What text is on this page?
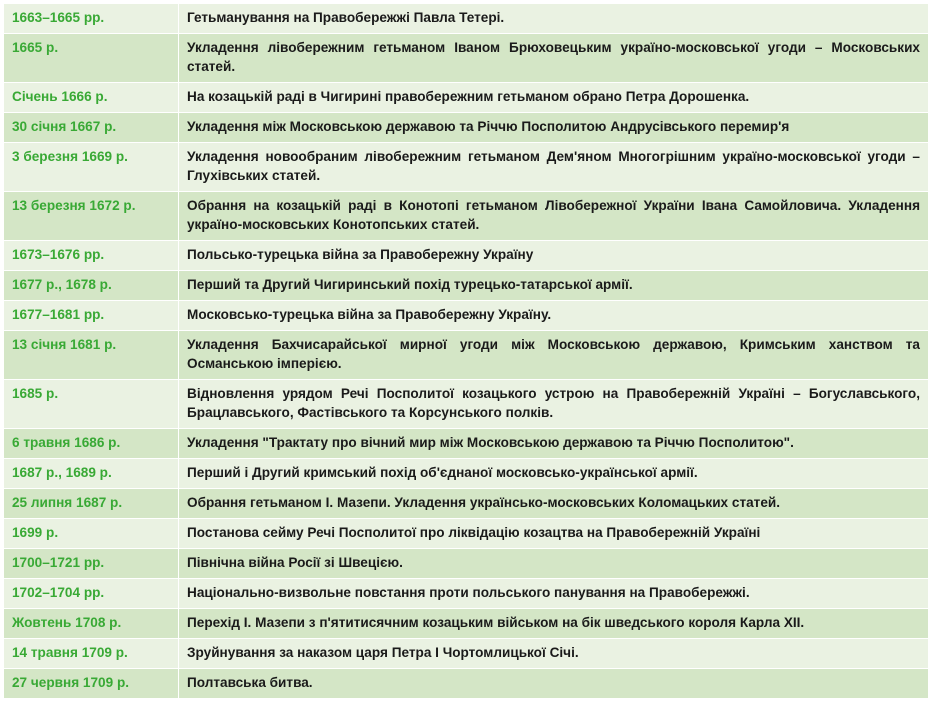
1663–1665 рр.	Гетьманування на Правобережжі Павла Тетері.
1665 р.	Укладення лівобережним гетьманом Іваном Брюховецьким україно-московської угоди – Московських статей.
Січень 1666 р.	На козацькій раді в Чигирині правобережним гетьманом обрано Петра Дорошенка.
30 січня 1667 р.	Укладення між Московською державою та Річчю Посполитою Андрусівського перемир'я
3 березня 1669 р.	Укладення новообраним лівобережним гетьманом Дем'яном Многогрішним україно-московської угоди – Глухівських статей.
13 березня 1672 р.	Обрання на козацькій раді в Конотопі гетьманом Лівобережної України Івана Самойловича. Укладення україно-московських Конотопських статей.
1673–1676 рр.	Польсько-турецька війна за Правобережну Україну
1677 р., 1678 р.	Перший та Другий Чигиринський похід турецько-татарської армії.
1677–1681 рр.	Московсько-турецька війна за Правобережну Україну.
13 січня 1681 р.	Укладення Бахчисарайської мирної угоди між Московською державою, Кримським ханством та Османською імперією.
1685 р.	Відновлення урядом Речі Посполитої козацького устрою на Правобережній Україні – Богуславського, Брацлавського, Фастівського та Корсунського полків.
6 травня 1686 р.	Укладення "Трактату про вічний мир між Московською державою та Річчю Посполитою".
1687 р., 1689 р.	Перший і Другий кримський похід об'єднаної московсько-української армії.
25 липня 1687 р.	Обрання гетьманом І. Мазепи. Укладення українсько-московських Коломацьких статей.
1699 р.	Постанова сейму Речі Посполитої про ліквідацію козацтва на Правобережній Україні
1700–1721 рр.	Північна війна Росії зі Швецією.
1702–1704 рр.	Національно-визвольне повстання проти польського панування на Правобережжі.
Жовтень 1708 р.	Перехід І. Мазепи з п'ятитисячним козацьким військом на бік шведського короля Карла XII.
14 травня 1709 р.	Зруйнування за наказом царя Петра І Чортомлицької Січі.
27 червня 1709 р.	Полтавська битва.
